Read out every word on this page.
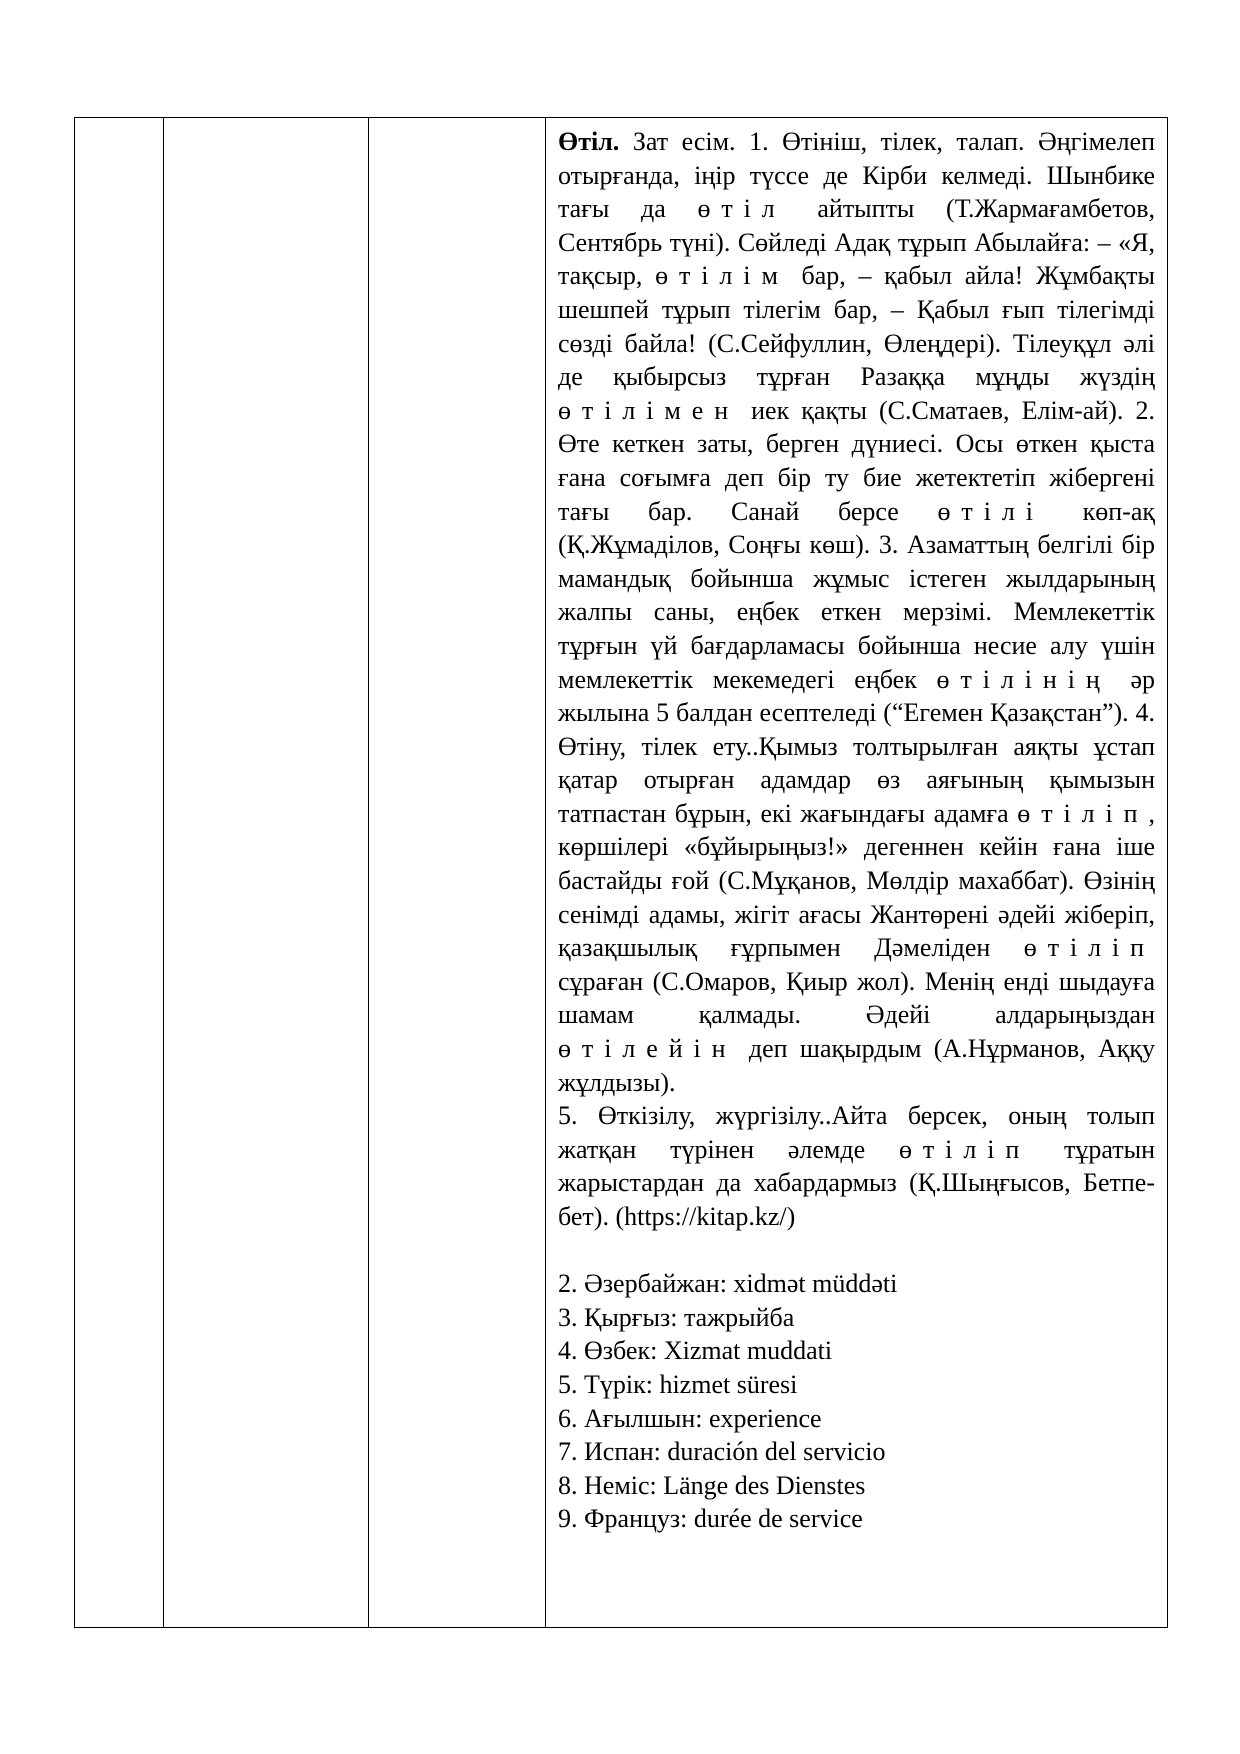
Өтіл. Зат есім. 1. Өтініш, тілек, талап. Әңгімелеп отырғанда, іңір түссе де Кірби келмеді. Шынбике тағы да өтіл айтыпты (Т.Жармағамбетов, Сентябрь түні). Сөйледі Адақ тұрып Абылайға: – «Я, тақсыр, өтілім бар, – қабыл айла! Жұмбақты шешпей тұрып тілегім бар, – Қабыл ғып тілегімді сөзді байла! (С.Сейфуллин, Өлеңдері). Тілеуқұл әлі де қыбырсыз тұрған Разаққа мұңды жүздің өтілімен иек қақты (С.Сматаев, Елім-ай). 2. Өте кеткен заты, берген дүниесі. Осы өткен қыста ғана соғымға деп бір ту бие жетектетіп жібергені тағы бар. Санай берсе өтілі көп-ақ (Қ.Жұмаділов, Соңғы көш). 3. Азаматтың белгілі бір мамандық бойынша жұмыс істеген жылдарының жалпы саны, еңбек еткен мерзімі. Мемлекеттік тұрғын үй бағдарламасы бойынша несие алу үшін мемлекеттік мекемедегі еңбек өтілінің әр жылына 5 балдан есептеледі (“Егемен Қазақстан”). 4. Өтіну, тілек ету..Қымыз толтырылған аяқты ұстап қатар отырған адамдар өз аяғының қымызын татпастан бұрын, екі жағындағы адамға өтіліп, көршілері «бұйырыңыз!» дегеннен кейін ғана іше бастайды ғой (С.Мұқанов, Мөлдір махаббат). Өзінің сенімді адамы, жігіт ағасы Жантөрені әдейі жіберіп, қазақшылық ғұрпымен Дәмеліден өтіліп сұраған (С.Омаров, Қиыр жол). Менің енді шыдауға шамам қалмады. Әдейі алдарыңыздан өтілейін деп шақырдым (А.Нұрманов, Аққу жұлдызы).

5. Өткізілу, жүргізілу..Айта берсек, оның толып жатқан түрінен әлемде өтіліп тұратын жарыстардан да хабардармыз (Қ.Шыңғысов, Бетпе-бет). (https://kitap.kz/)

2. Әзербайжан: xidmət müddəti
3. Қырғыз: тажрыйба
4. Өзбек: Xizmat muddati
5. Түрік: hizmet süresi
6. Ағылшын: experience
7. Испан: duración del servicio
8. Неміс: Länge des Dienstes
9. Француз: durée de service
